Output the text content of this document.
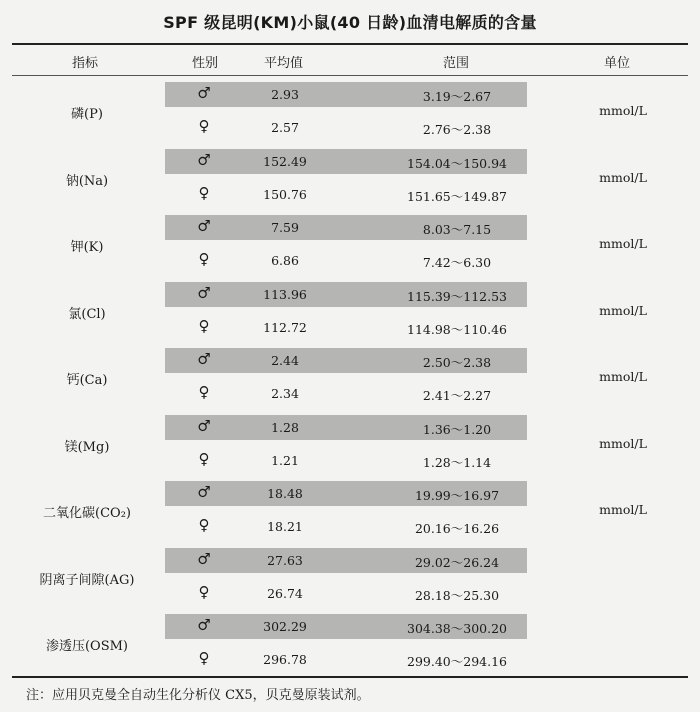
SPF 级昆明(KM)小鼠(40 日龄)血清电解质的含量
指标	性别	平均值	范围	单位
磷(P)	mmol/L
♂	2.93	3.19～2.67
♀	2.57	2.76～2.38
钠(Na)	mmol/L
♂	152.49	154.04～150.94
♀	150.76	151.65～149.87
钾(K)	mmol/L
♂	7.59	8.03～7.15
♀	6.86	7.42～6.30
氯(Cl)	mmol/L
♂	113.96	115.39～112.53
♀	112.72	114.98～110.46
钙(Ca)	mmol/L
♂	2.44	2.50～2.38
♀	2.34	2.41～2.27
镁(Mg)	mmol/L
♂	1.28	1.36～1.20
♀	1.21	1.28～1.14
二氧化碳(CO₂)	mmol/L
♂	18.48	19.99～16.97
♀	18.21	20.16～16.26
阴离子间隙(AG)
♂	27.63	29.02～26.24
♀	26.74	28.18～25.30
渗透压(OSM)
♂	302.29	304.38～300.20
♀	296.78	299.40～294.16
注：应用贝克曼全自动生化分析仪 CX5，贝克曼原装试剂。
